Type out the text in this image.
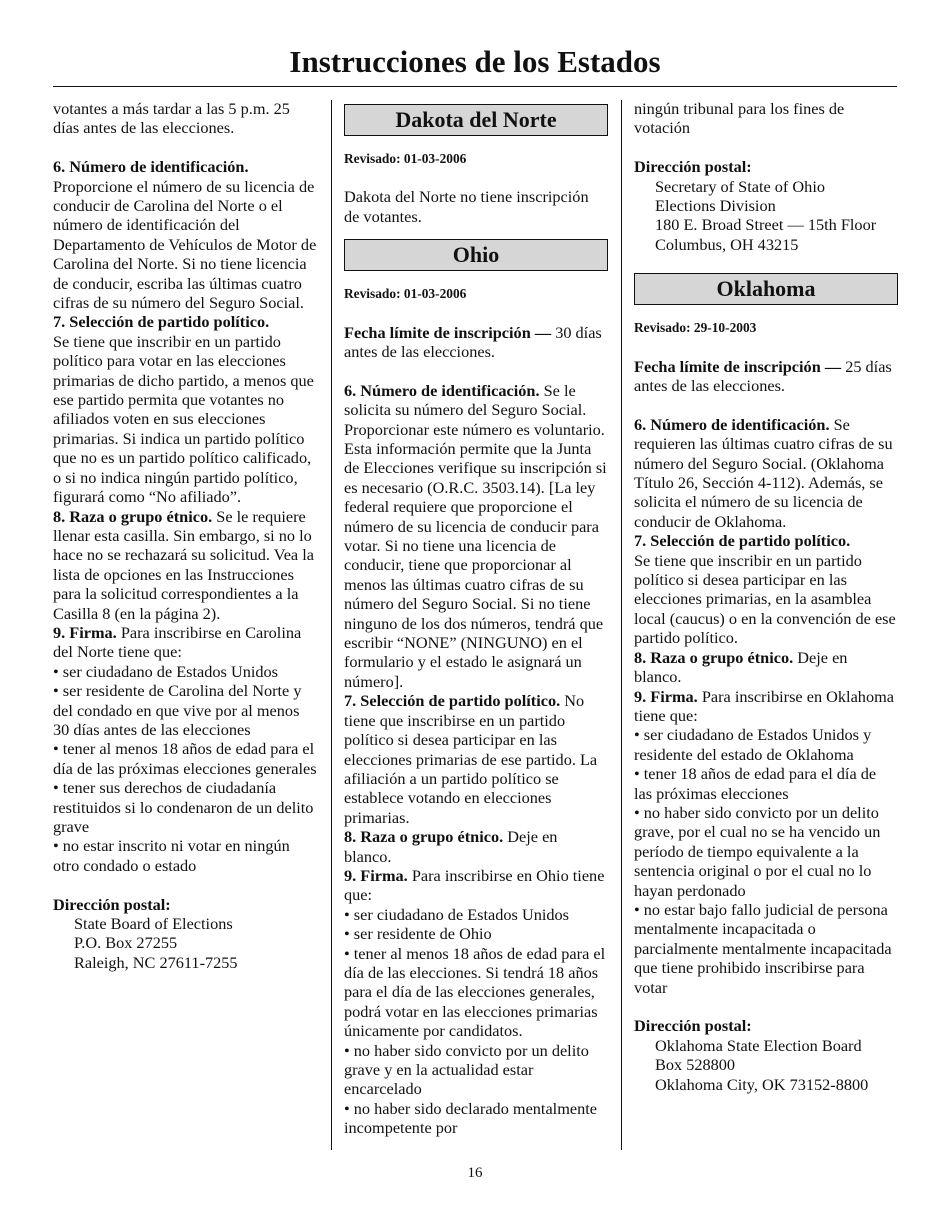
Instrucciones de los Estados

votantes a más tardar a las 5 p.m. 25 días antes de las elecciones.

6. Número de identificación.
Proporcione el número de su licencia de conducir de Carolina del Norte o el número de identificación del Departamento de Vehículos de Motor de Carolina del Norte. Si no tiene licencia de conducir, escriba las últimas cuatro cifras de su número del Seguro Social.

7. Selección de partido político.
Se tiene que inscribir en un partido político para votar en las elecciones primarias de dicho partido, a menos que ese partido permita que votantes no afiliados voten en sus elecciones primarias. Si indica un partido político que no es un partido político calificado, o si no indica ningún partido político, figurará como “No afiliado”.

8. Raza o grupo étnico. Se le requiere llenar esta casilla. Sin embargo, si no lo hace no se rechazará su solicitud. Vea la lista de opciones en las Instrucciones para la solicitud correspondientes a la Casilla 8 (en la página 2).

9. Firma. Para inscribirse en Carolina del Norte tiene que:

• ser ciudadano de Estados Unidos

• ser residente de Carolina del Norte y del condado en que vive por al menos 30 días antes de las elecciones

• tener al menos 18 años de edad para el día de las próximas elecciones generales

• tener sus derechos de ciudadanía restituidos si lo condenaron de un delito grave

• no estar inscrito ni votar en ningún otro condado o estado

Dirección postal:

State Board of Elections

P.O. Box 27255

Raleigh, NC 27611-7255

Dakota del Norte

Revisado: 01-03-2006

Dakota del Norte no tiene inscripción de votantes.

Ohio

Revisado: 01-03-2006

Fecha límite de inscripción — 30 días antes de las elecciones.

6. Número de identificación. Se le solicita su número del Seguro Social. Proporcionar este número es voluntario. Esta información permite que la Junta de Elecciones verifique su inscripción si es necesario (O.R.C. 3503.14). [La ley federal requiere que proporcione el número de su licencia de conducir para votar. Si no tiene una licencia de conducir, tiene que proporcionar al menos las últimas cuatro cifras de su número del Seguro Social. Si no tiene ninguno de los dos números, tendrá que escribir “NONE” (NINGUNO) en el formulario y el estado le asignará un número].

7. Selección de partido político. No tiene que inscribirse en un partido político si desea participar en las elecciones primarias de ese partido. La afiliación a un partido político se establece votando en elecciones primarias.

8. Raza o grupo étnico. Deje en blanco.

9. Firma. Para inscribirse en Ohio tiene que:

• ser ciudadano de Estados Unidos

• ser residente de Ohio

• tener al menos 18 años de edad para el día de las elecciones. Si tendrá 18 años para el día de las elecciones generales, podrá votar en las elecciones primarias únicamente por candidatos.

• no haber sido convicto por un delito grave y en la actualidad estar encarcelado

• no haber sido declarado mentalmente incompetente por

ningún tribunal para los fines de votación

Dirección postal:

Secretary of State of Ohio

Elections Division

180 E. Broad Street — 15th Floor

Columbus, OH 43215

Oklahoma

Revisado: 29-10-2003

Fecha límite de inscripción — 25 días antes de las elecciones.

6. Número de identificación. Se requieren las últimas cuatro cifras de su número del Seguro Social. (Oklahoma Título 26, Sección 4-112). Además, se solicita el número de su licencia de conducir de Oklahoma.

7. Selección de partido político.
Se tiene que inscribir en un partido político si desea participar en las elecciones primarias, en la asamblea local (caucus) o en la convención de ese partido político.

8. Raza o grupo étnico. Deje en blanco.

9. Firma. Para inscribirse en Oklahoma tiene que:

• ser ciudadano de Estados Unidos y residente del estado de Oklahoma

• tener 18 años de edad para el día de las próximas elecciones

• no haber sido convicto por un delito grave, por el cual no se ha vencido un período de tiempo equivalente a la sentencia original o por el cual no lo hayan perdonado

• no estar bajo fallo judicial de persona mentalmente incapacitada o parcialmente mentalmente incapacitada que tiene prohibido inscribirse para votar

Dirección postal:

Oklahoma State Election Board

Box 528800

Oklahoma City, OK 73152-8800

16
